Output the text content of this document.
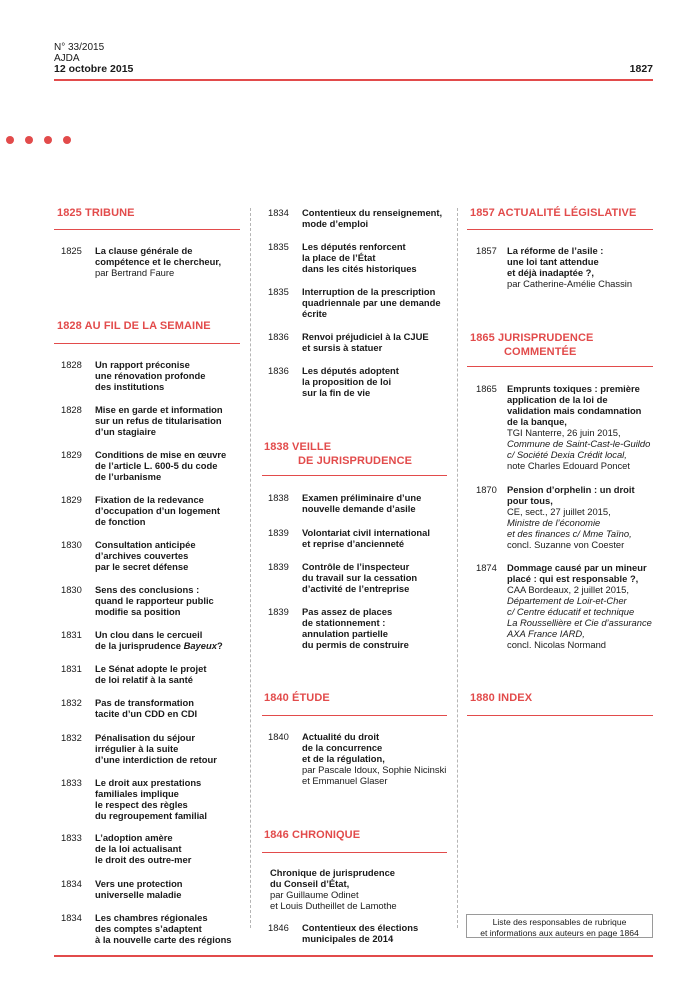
N° 33/2015
AJDA
12 octobre 2015	1827
1825 TRIBUNE
1825	La clause générale de
compétence et le chercheur,
par Bertrand Faure
1828 AU FIL DE LA SEMAINE
1828	Un rapport préconise
une rénovation profonde
des institutions
1828	Mise en garde et information
sur un refus de titularisation
d’un stagiaire
1829	Conditions de mise en œuvre
de l’article L. 600-5 du code
de l’urbanisme
1829	Fixation de la redevance
d’occupation d’un logement
de fonction
1830	Consultation anticipée
d’archives couvertes
par le secret défense
1830	Sens des conclusions :
quand le rapporteur public
modifie sa position
1831	Un clou dans le cercueil
de la jurisprudence Bayeux?
1831	Le Sénat adopte le projet
de loi relatif à la santé
1832	Pas de transformation
tacite d’un CDD en CDI
1832	Pénalisation du séjour
irrégulier à la suite
d’une interdiction de retour
1833	Le droit aux prestations
familiales implique
le respect des règles
du regroupement familial
1833	L’adoption amère
de la loi actualisant
le droit des outre-mer
1834	Vers une protection
universelle maladie
1834	Les chambres régionales
des comptes s’adaptent
à la nouvelle carte des régions
1834	Contentieux du renseignement,
mode d’emploi
1835	Les députés renforcent
la place de l’État
dans les cités historiques
1835	Interruption de la prescription
quadriennale par une demande
écrite
1836	Renvoi préjudiciel à la CJUE
et sursis à statuer
1836	Les députés adoptent
la proposition de loi
sur la fin de vie
1838 VEILLE
DE JURISPRUDENCE
1838	Examen préliminaire d’une
nouvelle demande d’asile
1839	Volontariat civil international
et reprise d’ancienneté
1839	Contrôle de l’inspecteur
du travail sur la cessation
d’activité de l’entreprise
1839	Pas assez de places
de stationnement :
annulation partielle
du permis de construire
1840 ÉTUDE
1840	Actualité du droit
de la concurrence
et de la régulation,
par Pascale Idoux, Sophie Nicinski
et Emmanuel Glaser
1846 CHRONIQUE
Chronique de jurisprudence
du Conseil d’État,
par Guillaume Odinet
et Louis Dutheillet de Lamothe
1846	Contentieux des élections
municipales de 2014
1857 ACTUALITÉ LÉGISLATIVE
1857	La réforme de l’asile :
une loi tant attendue
et déjà inadaptée ?,
par Catherine-Amélie Chassin
1865 JURISPRUDENCE
COMMENTÉE
1865	Emprunts toxiques : première
application de la loi de
validation mais condamnation
de la banque,
TGI Nanterre, 26 juin 2015,
Commune de Saint-Cast-le-Guildo
c/ Société Dexia Crédit local,
note Charles Edouard Poncet
1870	Pension d’orphelin : un droit
pour tous,
CE, sect., 27 juillet 2015,
Ministre de l’économie
et des finances c/ Mme Taïno,
concl. Suzanne von Coester
1874	Dommage causé par un mineur
placé : qui est responsable ?,
CAA Bordeaux, 2 juillet 2015,
Département de Loir-et-Cher
c/ Centre éducatif et technique
La Roussellière et Cie d’assurance
AXA France IARD,
concl. Nicolas Normand
1880 INDEX
Liste des responsables de rubrique
et informations aux auteurs en page 1864
